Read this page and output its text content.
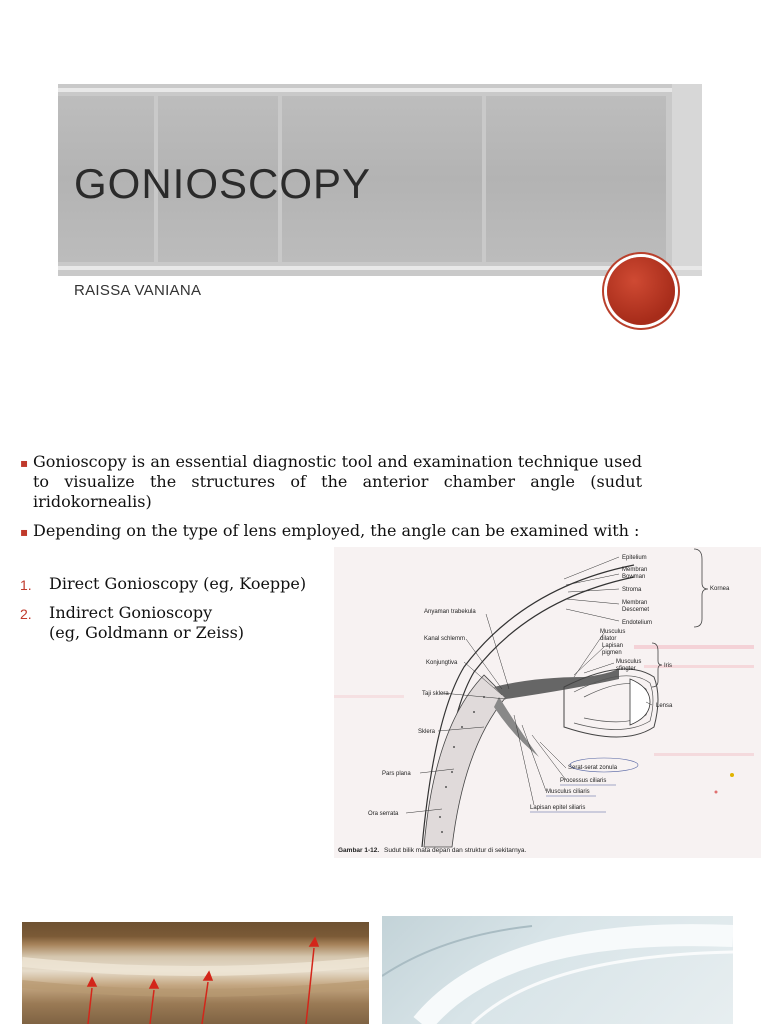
GONIOSCOPY
RAISSA VANIANA
▪ Gonioscopy is an essential diagnostic tool and examination technique used to visualize the structures of the anterior chamber angle (sudut iridokornealis)
▪ Depending on the type of lens employed, the angle can be examined with :
1. Direct Gonioscopy (eg, Koeppe)
2. Indirect Gonioscopy
(eg, Goldmann or Zeiss)
Epitelium
Membran
Bowman
Stroma
Membran
Descemet
Endotelium
Kornea
Anyaman trabekula
Kanal schlemm
Konjungtiva
Taji sklera
Sklera
Pars plana
Ora serrata
Musculus
dilator
Lapisan
pigmen
Musculus
sfingter	Iris
Lensa
Serat-serat zonula
Processus ciliaris
Musculus ciliaris
Lapisan epitel siliaris
Gambar 1-12. Sudut bilik mata depan dan struktur di sekitarnya.
